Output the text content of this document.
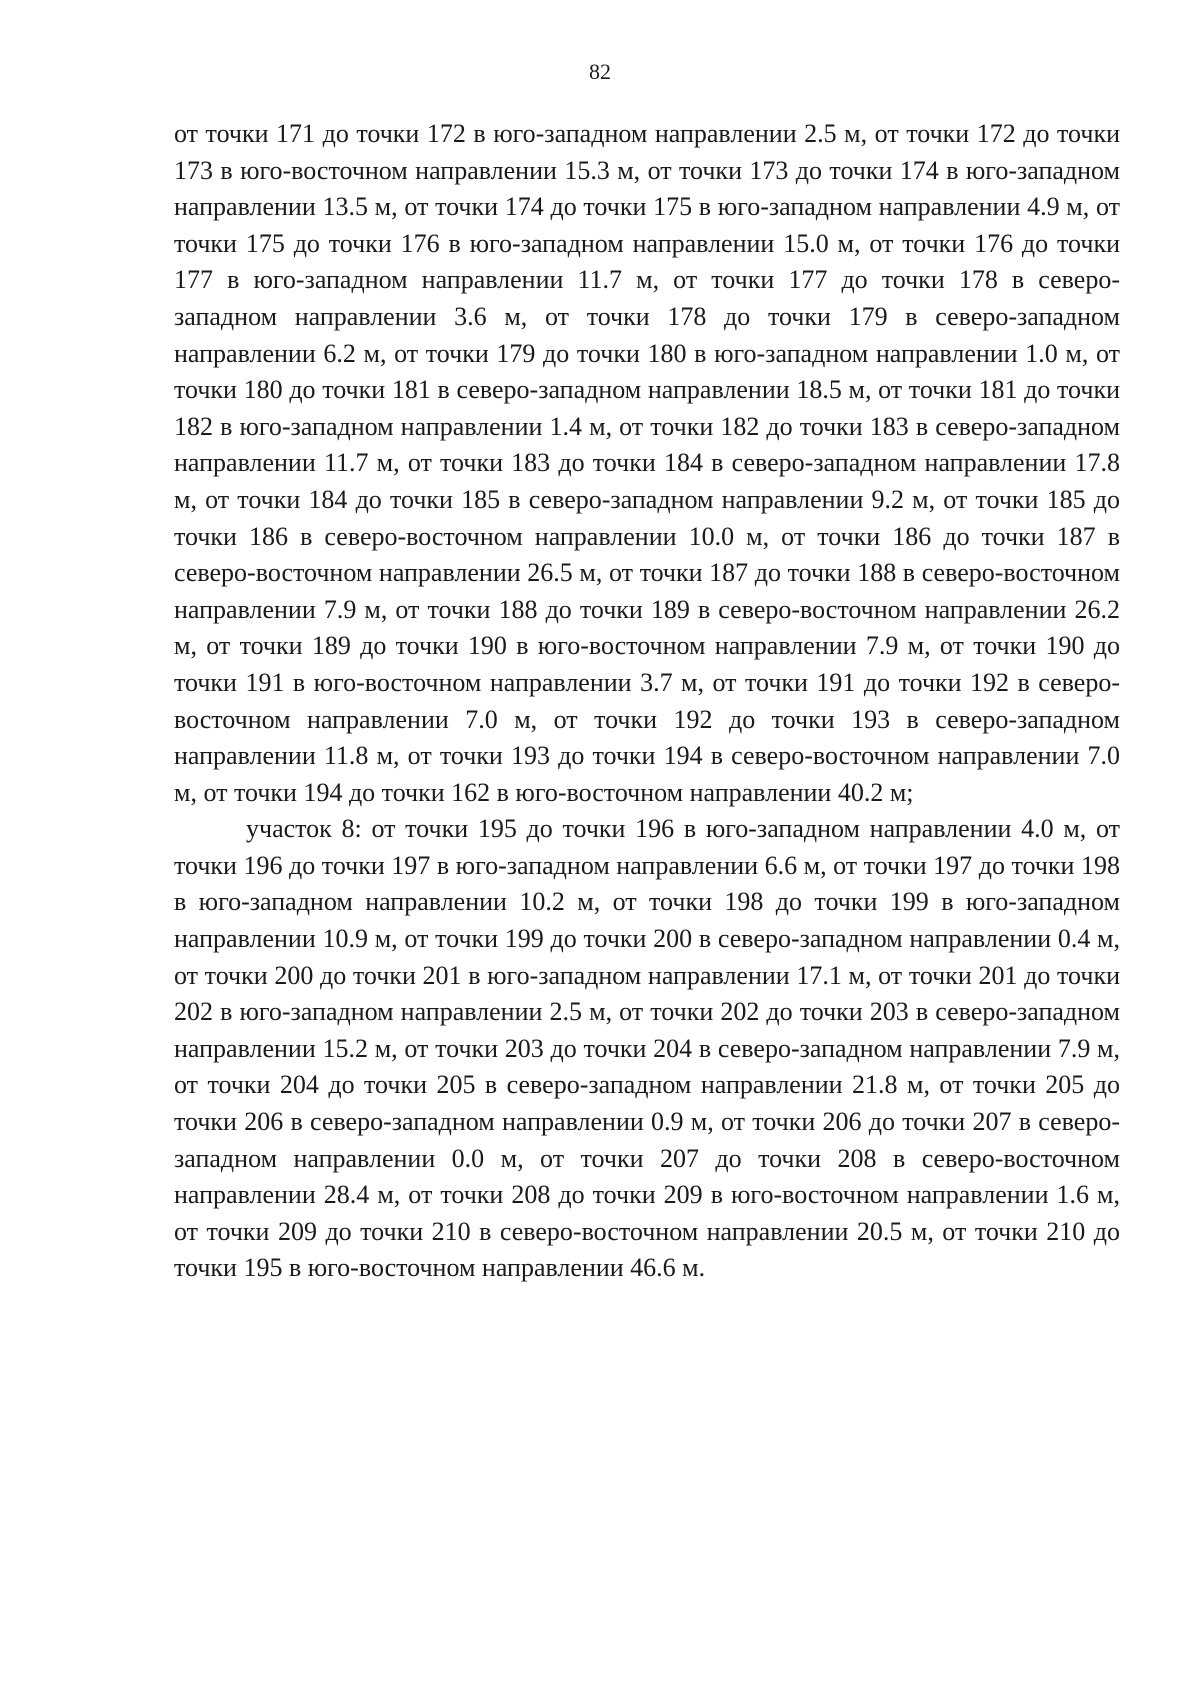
82

от точки 171 до точки 172 в юго-западном направлении 2.5 м, от точки 172 до точки 173 в юго-восточном направлении 15.3 м, от точки 173 до точки 174 в юго-западном направлении 13.5 м, от точки 174 до точки 175 в юго-западном направлении 4.9 м, от точки 175 до точки 176 в юго-западном направлении 15.0 м, от точки 176 до точки 177 в юго-западном направлении 11.7 м, от точки 177 до точки 178 в северо-западном направлении 3.6 м, от точки 178 до точки 179 в северо-западном направлении 6.2 м, от точки 179 до точки 180 в юго-западном направлении 1.0 м, от точки 180 до точки 181 в северо-западном направлении 18.5 м, от точки 181 до точки 182 в юго-западном направлении 1.4 м, от точки 182 до точки 183 в северо-западном направлении 11.7 м, от точки 183 до точки 184 в северо-западном направлении 17.8 м, от точки 184 до точки 185 в северо-западном направлении 9.2 м, от точки 185 до точки 186 в северо-восточном направлении 10.0 м, от точки 186 до точки 187 в северо-восточном направлении 26.5 м, от точки 187 до точки 188 в северо-восточном направлении 7.9 м, от точки 188 до точки 189 в северо-восточном направлении 26.2 м, от точки 189 до точки 190 в юго-восточном направлении 7.9 м, от точки 190 до точки 191 в юго-восточном направлении 3.7 м, от точки 191 до точки 192 в северо-восточном направлении 7.0 м, от точки 192 до точки 193 в северо-западном направлении 11.8 м, от точки 193 до точки 194 в северо-восточном направлении 7.0 м, от точки 194 до точки 162 в юго-восточном направлении 40.2 м;

участок 8: от точки 195 до точки 196 в юго-западном направлении 4.0 м, от точки 196 до точки 197 в юго-западном направлении 6.6 м, от точки 197 до точки 198 в юго-западном направлении 10.2 м, от точки 198 до точки 199 в юго-западном направлении 10.9 м, от точки 199 до точки 200 в северо-западном направлении 0.4 м, от точки 200 до точки 201 в юго-западном направлении 17.1 м, от точки 201 до точки 202 в юго-западном направлении 2.5 м, от точки 202 до точки 203 в северо-западном направлении 15.2 м, от точки 203 до точки 204 в северо-западном направлении 7.9 м, от точки 204 до точки 205 в северо-западном направлении 21.8 м, от точки 205 до точки 206 в северо-западном направлении 0.9 м, от точки 206 до точки 207 в северо-западном направлении 0.0 м, от точки 207 до точки 208 в северо-восточном направлении 28.4 м, от точки 208 до точки 209 в юго-восточном направлении 1.6 м, от точки 209 до точки 210 в северо-восточном направлении 20.5 м, от точки 210 до точки 195 в юго-восточном направлении 46.6 м.
